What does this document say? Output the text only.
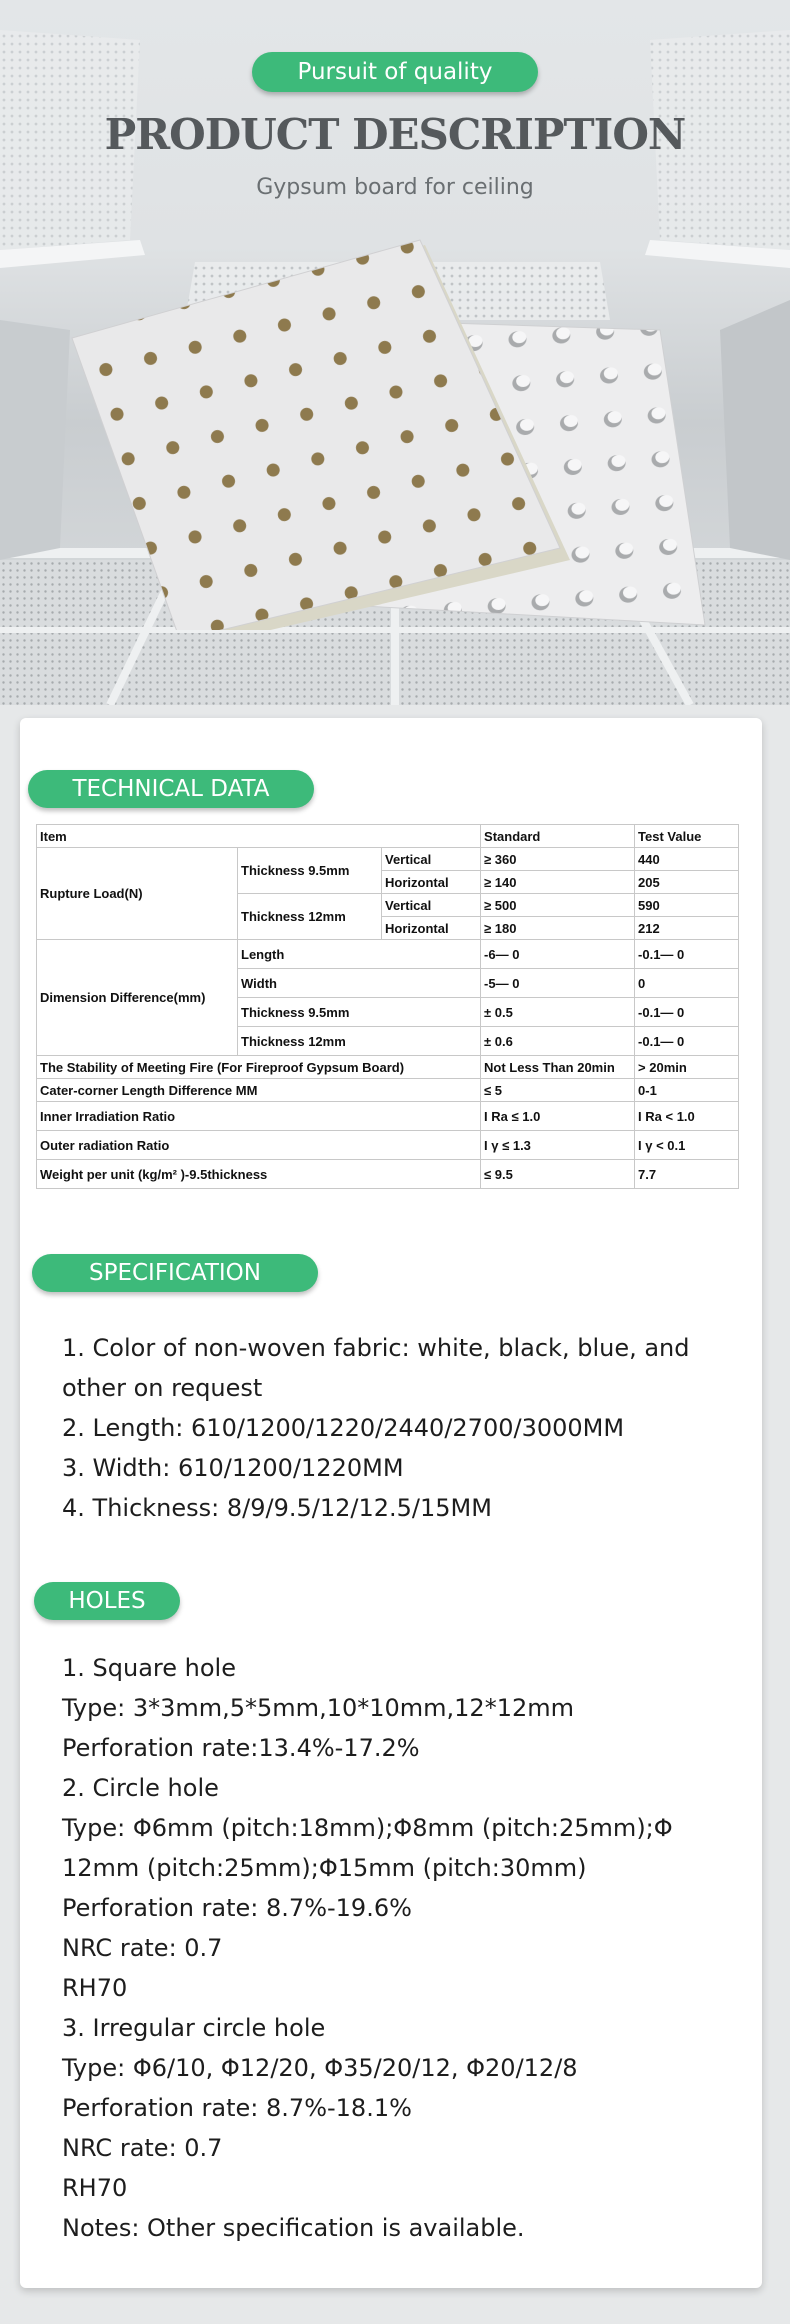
Pursuit of quality
PRODUCT DESCRIPTION
Gypsum board for ceiling
TECHNICAL DATA
Item			Standard	Test Value
Rupture Load(N)	Thickness 9.5mm	Vertical	≥ 360	440
		Horizontal	≥ 140	205
	Thickness 12mm	Vertical	≥ 500	590
		Horizontal	≥ 180	212
Dimension Difference(mm)	Length		-6— 0	-0.1— 0
	Width		-5— 0	0
	Thickness 9.5mm		± 0.5	-0.1— 0
	Thickness 12mm		± 0.6	-0.1— 0
The Stability of Meeting Fire (For Fireproof Gypsum Board)			Not Less Than 20min	> 20min
Cater-corner Length Difference MM			≤ 5	0-1
Inner Irradiation Ratio			I Ra ≤ 1.0	I Ra < 1.0
Outer radiation Ratio			I γ ≤ 1.3	I γ < 0.1
Weight per unit (kg/m² )-9.5thickness			≤ 9.5	7.7
SPECIFICATION
1. Color of non-woven fabric: white, black, blue, and
other on request
2. Length: 610/1200/1220/2440/2700/3000MM
3. Width: 610/1200/1220MM
4. Thickness: 8/9/9.5/12/12.5/15MM
HOLES
1. Square hole
Type: 3*3mm,5*5mm,10*10mm,12*12mm
Perforation rate:13.4%-17.2%
2. Circle hole
Type: Φ6mm (pitch:18mm);Φ8mm (pitch:25mm);Φ
12mm (pitch:25mm);Φ15mm (pitch:30mm)
Perforation rate: 8.7%-19.6%
NRC rate: 0.7
RH70
3. Irregular circle hole
Type: Φ6/10, Φ12/20, Φ35/20/12, Φ20/12/8
Perforation rate: 8.7%-18.1%
NRC rate: 0.7
RH70
Notes: Other specification is available.
